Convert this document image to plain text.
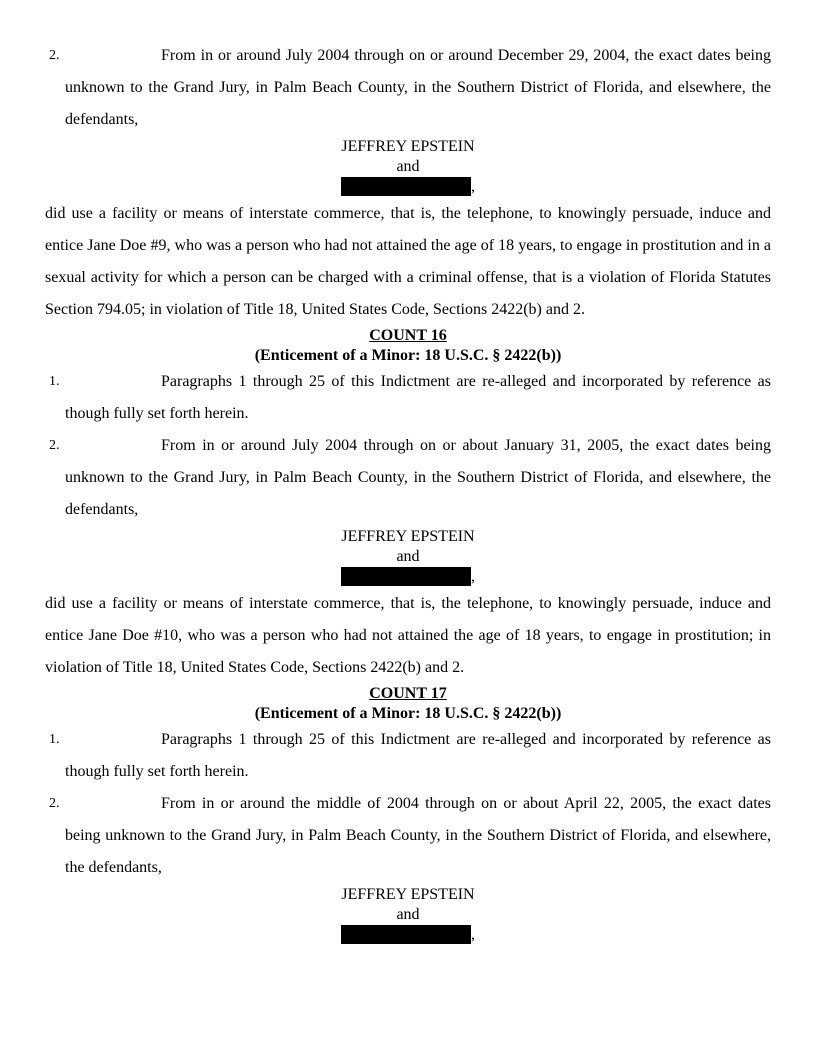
2.	From in or around July 2004 through on or around December 29, 2004, the exact dates being unknown to the Grand Jury, in Palm Beach County, in the Southern District of Florida, and elsewhere, the defendants,

JEFFREY EPSTEIN

and

,

did use a facility or means of interstate commerce, that is, the telephone, to knowingly persuade, induce and entice Jane Doe #9, who was a person who had not attained the age of 18 years, to engage in prostitution and in a sexual activity for which a person can be charged with a criminal offense, that is a violation of Florida Statutes Section 794.05; in violation of Title 18, United States Code, Sections 2422(b) and 2.

COUNT 16

(Enticement of a Minor: 18 U.S.C. § 2422(b))

1.	Paragraphs 1 through 25 of this Indictment are re-alleged and incorporated by reference as though fully set forth herein.
2.	From in or around July 2004 through on or about January 31, 2005, the exact dates being unknown to the Grand Jury, in Palm Beach County, in the Southern District of Florida, and elsewhere, the defendants,

JEFFREY EPSTEIN

and

,

did use a facility or means of interstate commerce, that is, the telephone, to knowingly persuade, induce and entice Jane Doe #10, who was a person who had not attained the age of 18 years, to engage in prostitution; in violation of Title 18, United States Code, Sections 2422(b) and 2.

COUNT 17

(Enticement of a Minor: 18 U.S.C. § 2422(b))

1.	Paragraphs 1 through 25 of this Indictment are re-alleged and incorporated by reference as though fully set forth herein.
2.	From in or around the middle of 2004 through on or about April 22, 2005, the exact dates being unknown to the Grand Jury, in Palm Beach County, in the Southern District of Florida, and elsewhere, the defendants,

JEFFREY EPSTEIN

and

,
